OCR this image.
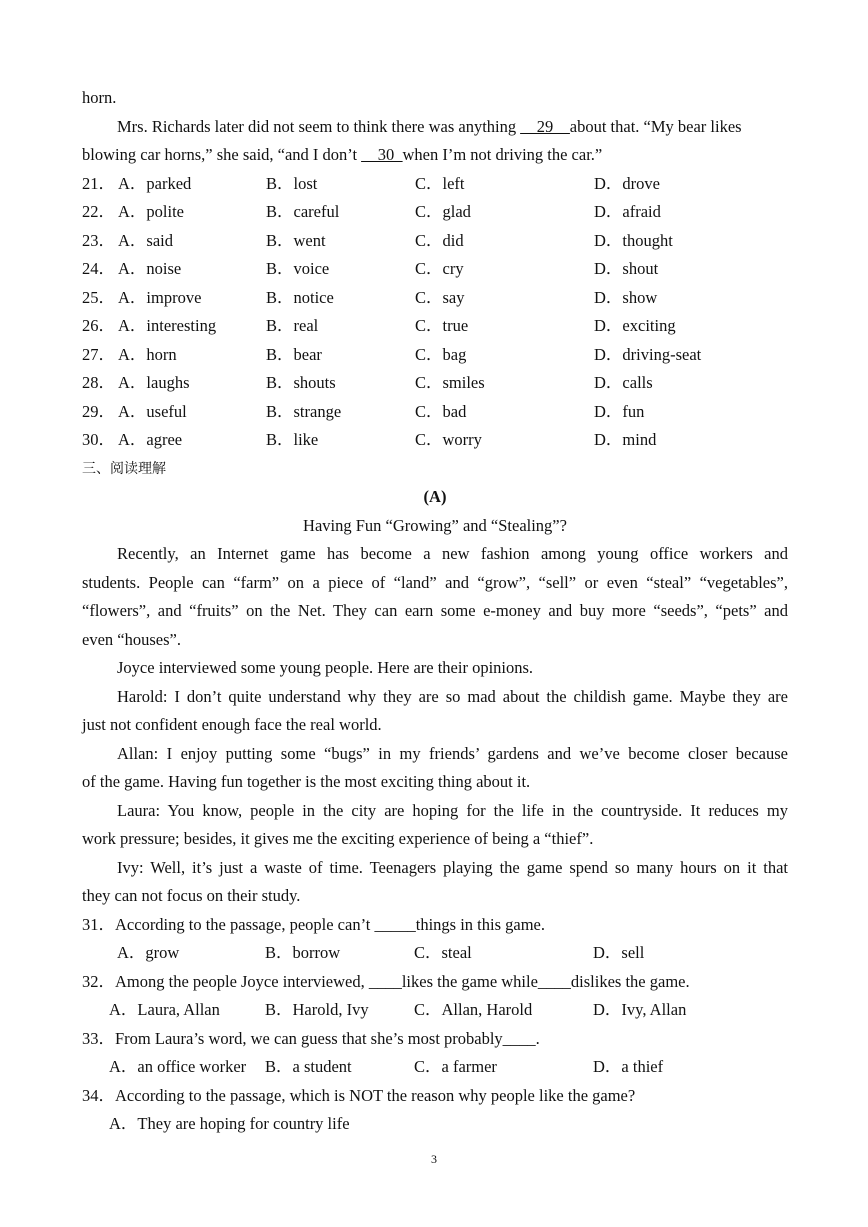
horn.
Mrs. Richards later did not seem to think there was anything __29__about that. “My bear likes
blowing car horns,” she said, “and I don’t __30_when I’m not driving the car.”
21． A．parked	B．lost	C．left	D．drove
22． A．polite	B．careful	C．glad	D．afraid
23． A．said	B．went	C．did	D．thought
24． A．noise	B．voice	C．cry	D．shout
25． A．improve	B．notice	C．say	D．show
26． A．interesting	B．real	C．true	D．exciting
27． A．horn	B．bear	C．bag	D．driving-seat
28． A．laughs	B．shouts	C．smiles	D．calls
29． A．useful	B．strange	C．bad	D．fun
30． A．agree	B．like	C．worry	D．mind
三、阅读理解
(A)
Having Fun “Growing” and “Stealing”?
Recently, an Internet game has become a new fashion among young office workers and
students. People can “farm” on a piece of “land” and “grow”, “sell” or even “steal” “vegetables”,
“flowers”, and “fruits” on the Net. They can earn some e-money and buy more “seeds”, “pets” and
even “houses”.
Joyce interviewed some young people. Here are their opinions.
Harold: I don’t quite understand why they are so mad about the childish game. Maybe they are
just not confident enough face the real world.
Allan: I enjoy putting some “bugs” in my friends’ gardens and we’ve become closer because
of the game. Having fun together is the most exciting thing about it.
Laura: You know, people in the city are hoping for the life in the countryside. It reduces my
work pressure; besides, it gives me the exciting experience of being a “thief”.
Ivy: Well, it’s just a waste of time. Teenagers playing the game spend so many hours on it that
they can not focus on their study.
31．According to the passage, people can’t _____things in this game.
A．grow	B．borrow	C．steal	D．sell
32．Among the people Joyce interviewed, ____likes the game while____dislikes the game.
A．Laura, Allan	B．Harold, Ivy	C．Allan, Harold	D．Ivy, Allan
33．From Laura’s word, we can guess that she’s most probably____.
A．an office worker	B．a student	C．a farmer	D．a thief
34．According to the passage, which is NOT the reason why people like the game?
A．They are hoping for country life
3
